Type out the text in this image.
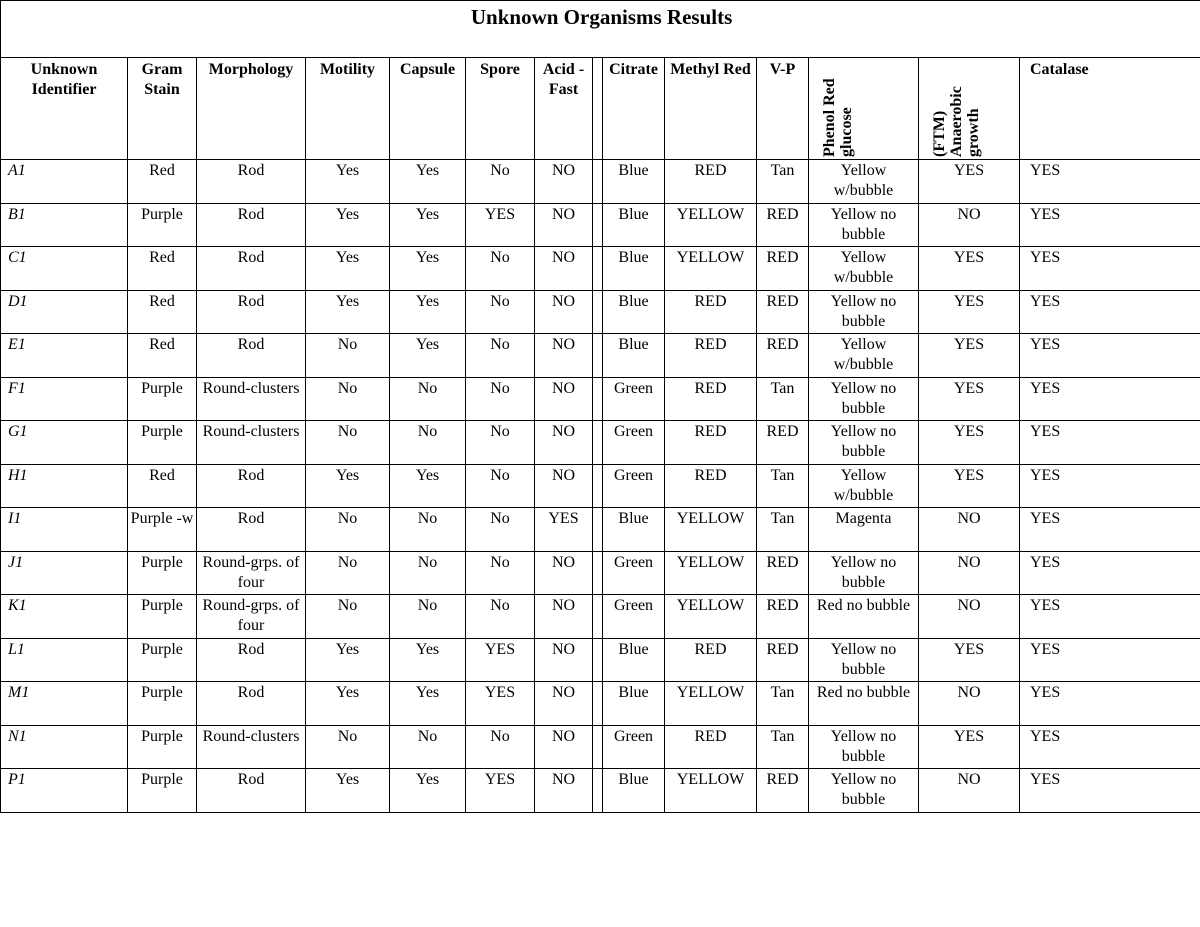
Unknown Organisms Results													
Unknown Identifier	Gram Stain	Morphology	Motility	Capsule	Spore	Acid -Fast		Citrate	Methyl Red	V-P	Phenol Red glucose	(FTM) Anaerobic growth	Catalase
A1	Red	Rod	Yes	Yes	No	NO		Blue	RED	Tan	Yellow w/bubble	YES	YES
B1	Purple	Rod	Yes	Yes	YES	NO		Blue	YELLOW	RED	Yellow no bubble	NO	YES
C1	Red	Rod	Yes	Yes	No	NO		Blue	YELLOW	RED	Yellow w/bubble	YES	YES
D1	Red	Rod	Yes	Yes	No	NO		Blue	RED	RED	Yellow no bubble	YES	YES
E1	Red	Rod	No	Yes	No	NO		Blue	RED	RED	Yellow w/bubble	YES	YES
F1	Purple	Round-clusters	No	No	No	NO		Green	RED	Tan	Yellow no bubble	YES	YES
G1	Purple	Round-clusters	No	No	No	NO		Green	RED	RED	Yellow no bubble	YES	YES
H1	Red	Rod	Yes	Yes	No	NO		Green	RED	Tan	Yellow w/bubble	YES	YES
I1	Purple -w	Rod	No	No	No	YES		Blue	YELLOW	Tan	Magenta	NO	YES
J1	Purple	Round-grps. of four	No	No	No	NO		Green	YELLOW	RED	Yellow no bubble	NO	YES
K1	Purple	Round-grps. of four	No	No	No	NO		Green	YELLOW	RED	Red no bubble	NO	YES
L1	Purple	Rod	Yes	Yes	YES	NO		Blue	RED	RED	Yellow no bubble	YES	YES
M1	Purple	Rod	Yes	Yes	YES	NO		Blue	YELLOW	Tan	Red no bubble	NO	YES
N1	Purple	Round-clusters	No	No	No	NO		Green	RED	Tan	Yellow no bubble	YES	YES
P1	Purple	Rod	Yes	Yes	YES	NO		Blue	YELLOW	RED	Yellow no bubble	NO	YES
